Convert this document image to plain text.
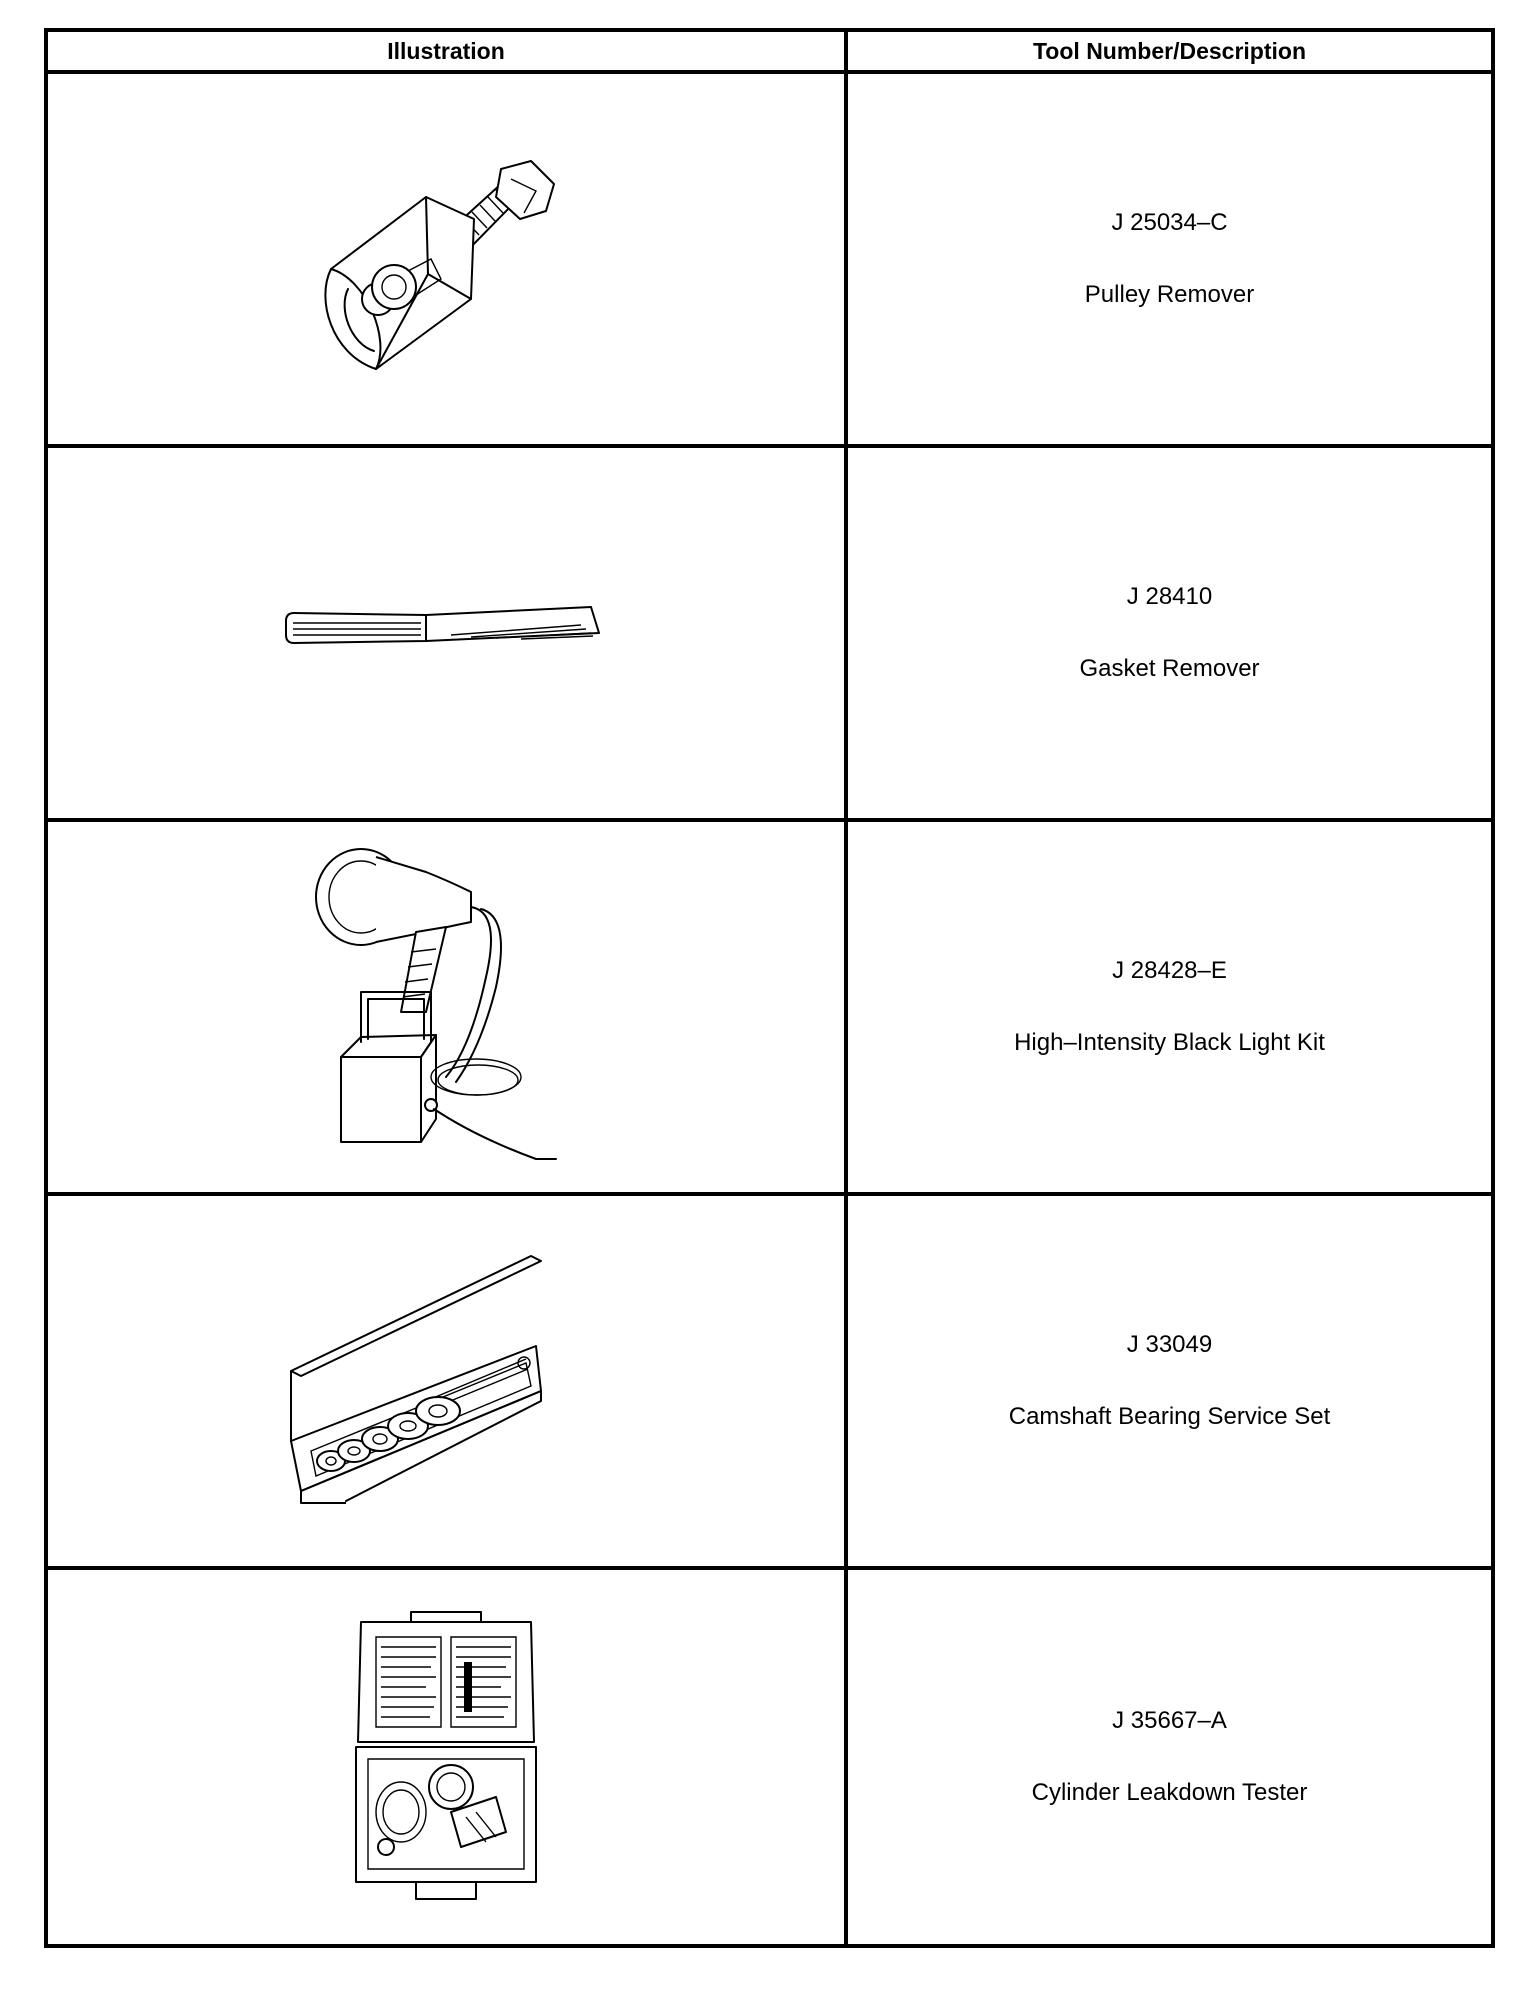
Illustration	Tool Number/Description
J 25034–C
Pulley Remover
J 28410
Gasket Remover
J 28428–E
High–Intensity Black Light Kit
J 33049
Camshaft Bearing Service Set
J 35667–A
Cylinder Leakdown Tester
